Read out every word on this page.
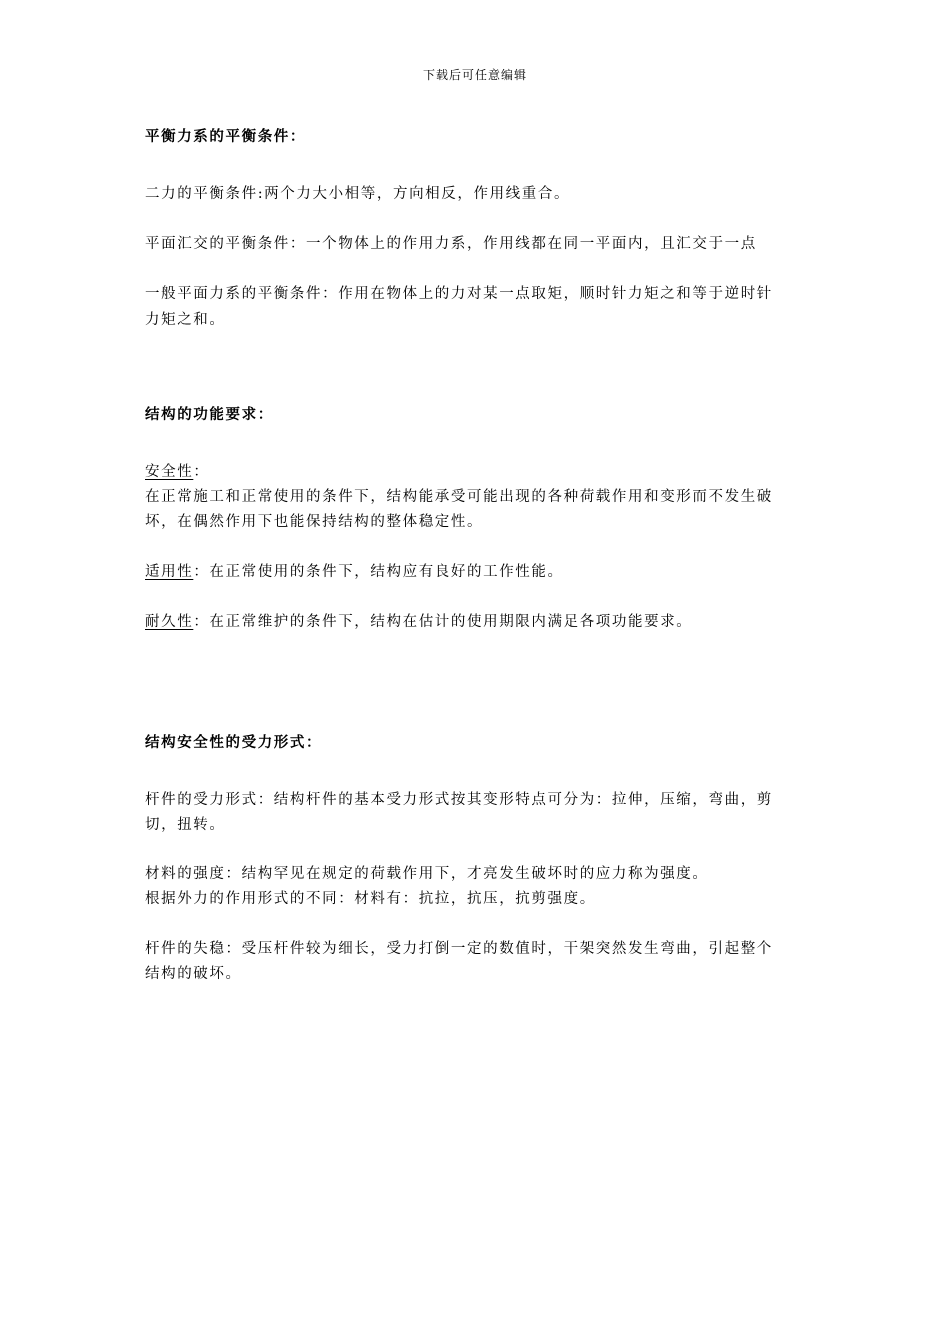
下载后可任意编辑
平衡力系的平衡条件：
二力的平衡条件:两个力大小相等，方向相反，作用线重合。
平面汇交的平衡条件：一个物体上的作用力系，作用线都在同一平面内，且汇交于一点
一般平面力系的平衡条件：作用在物体上的力对某一点取矩，顺时针力矩之和等于逆时针
力矩之和。
结构的功能要求：
安全性：
在正常施工和正常使用的条件下，结构能承受可能出现的各种荷载作用和变形而不发生破
坏，在偶然作用下也能保持结构的整体稳定性。
适用性：在正常使用的条件下，结构应有良好的工作性能。
耐久性：在正常维护的条件下，结构在估计的使用期限内满足各项功能要求。
结构安全性的受力形式：
杆件的受力形式：结构杆件的基本受力形式按其变形特点可分为：拉伸，压缩，弯曲，剪
切，扭转。
材料的强度：结构罕见在规定的荷载作用下，才亮发生破坏时的应力称为强度。
根据外力的作用形式的不同：材料有：抗拉，抗压，抗剪强度。
杆件的失稳：受压杆件较为细长，受力打倒一定的数值时，干架突然发生弯曲，引起整个
结构的破坏。
